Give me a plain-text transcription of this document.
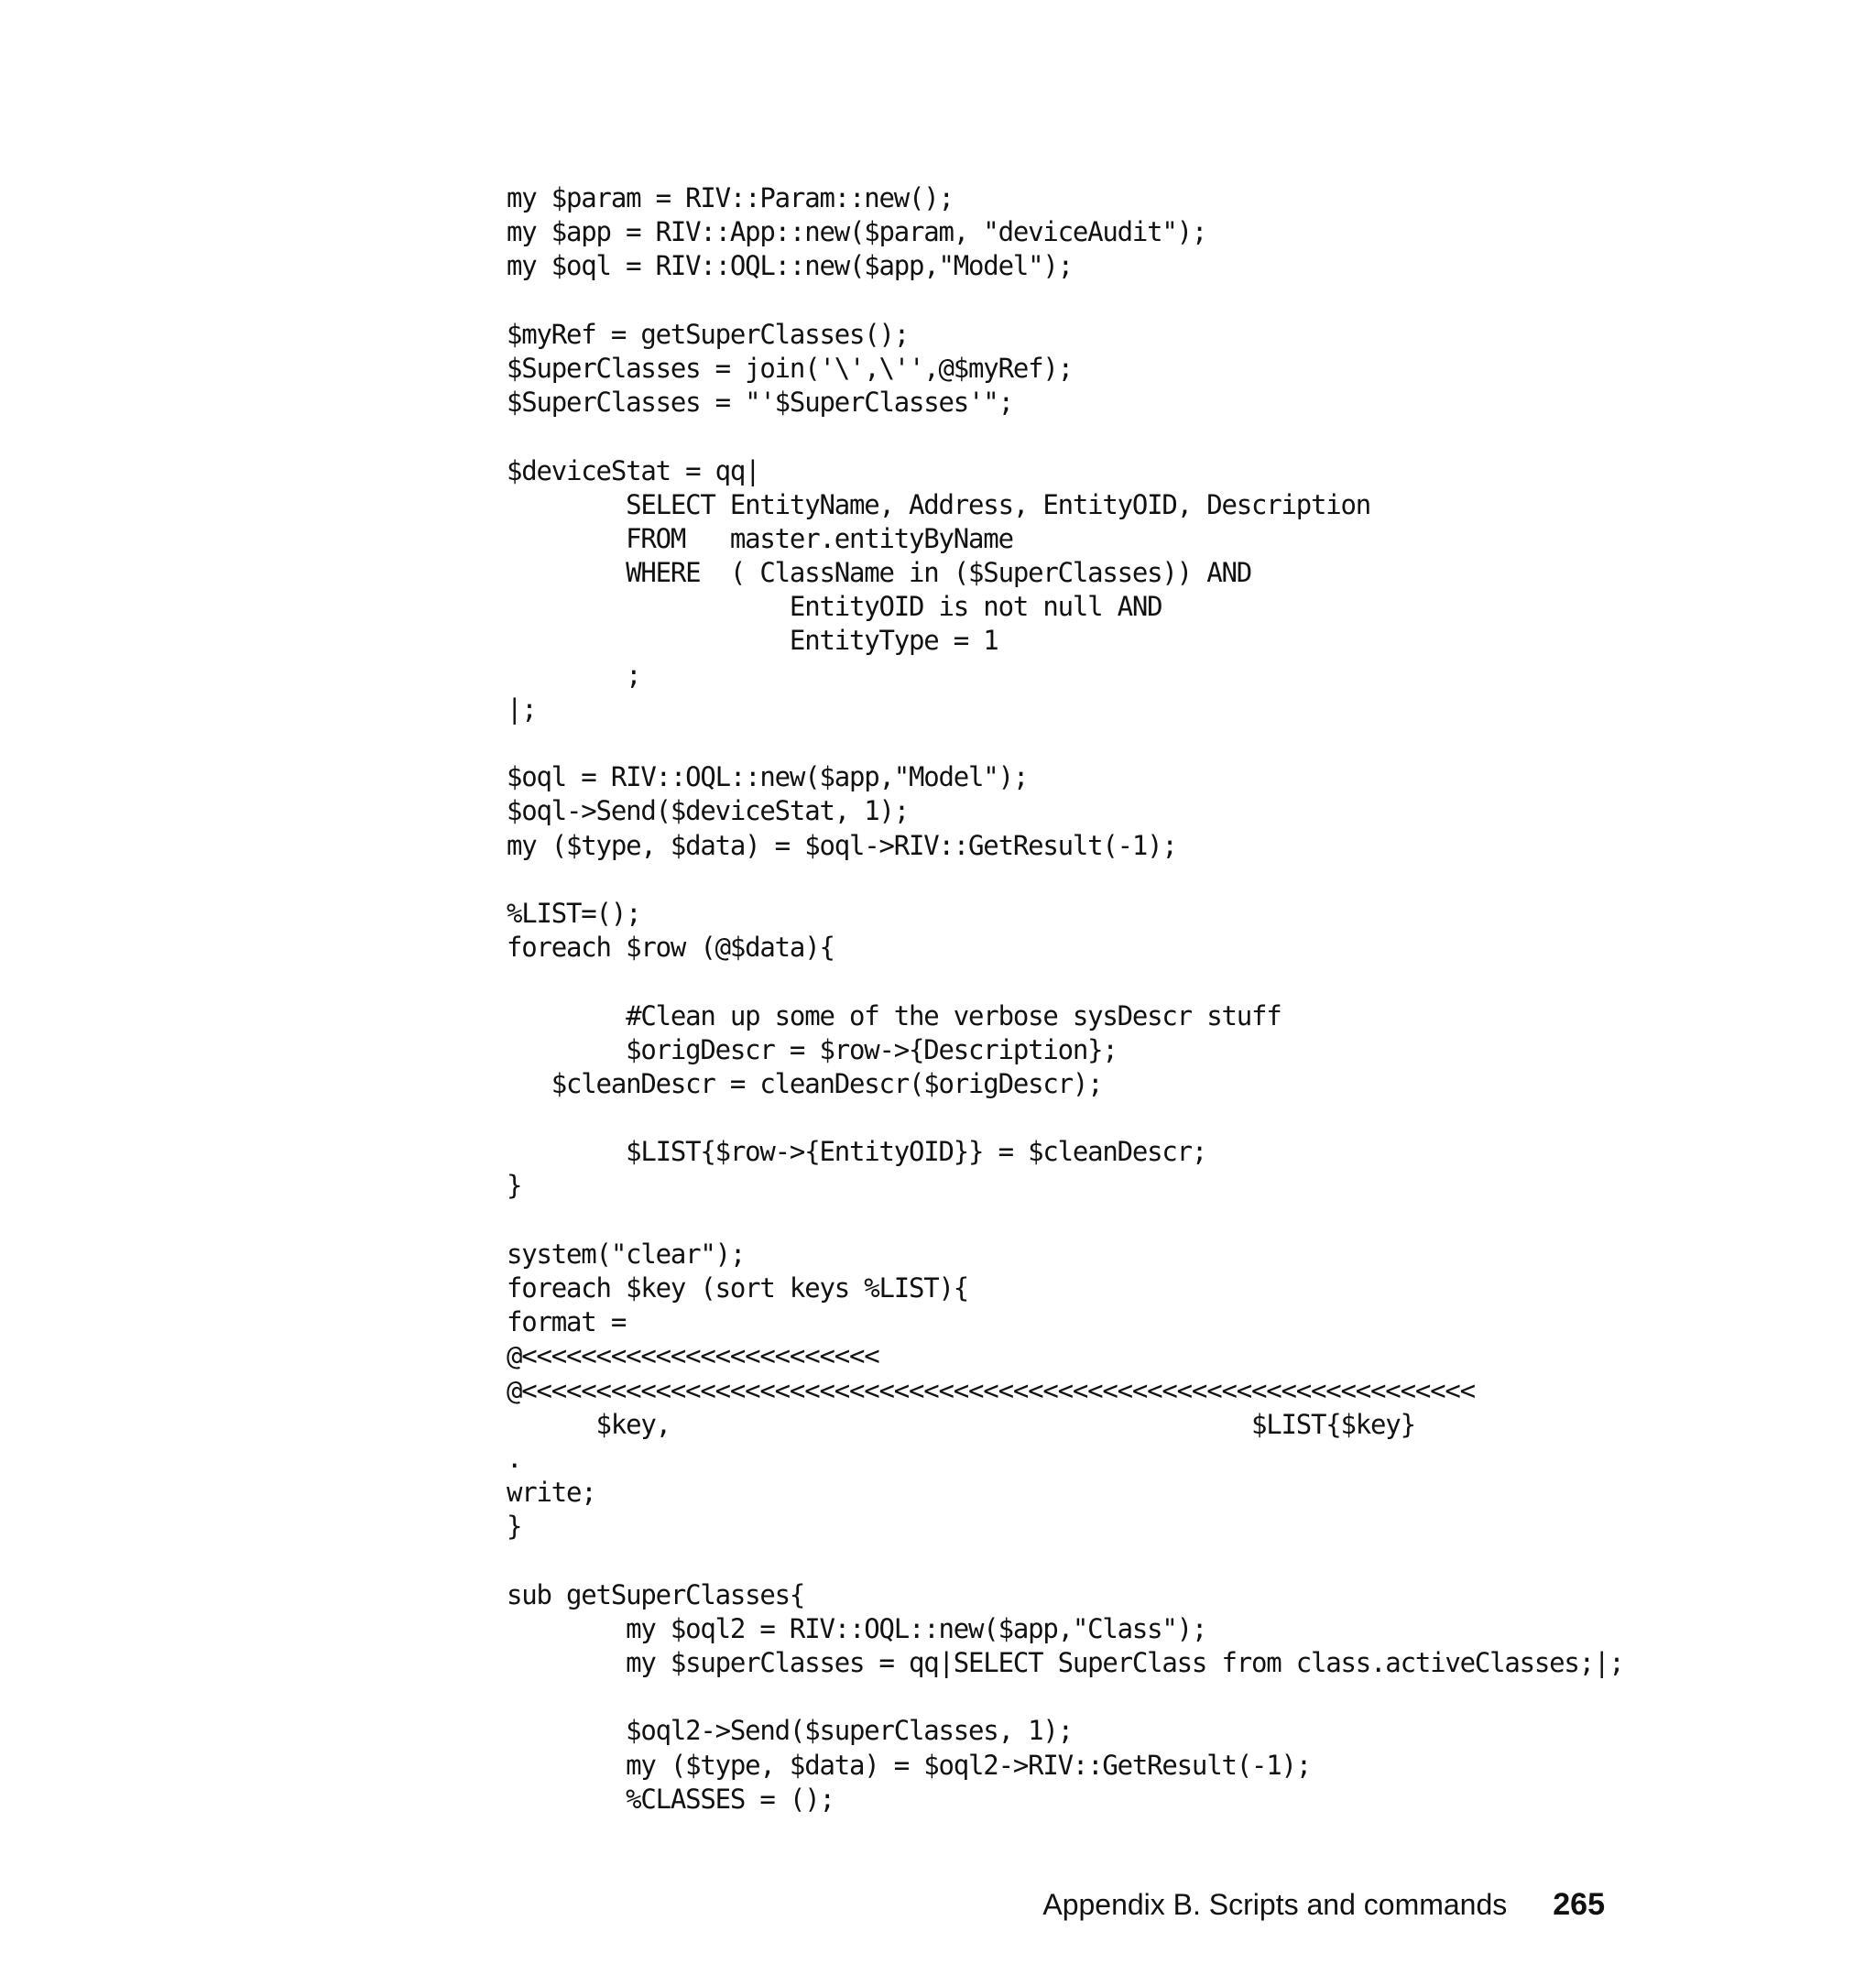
my $param = RIV::Param::new();
my $app = RIV::App::new($param, "deviceAudit");
my $oql = RIV::OQL::new($app,"Model");
$myRef = getSuperClasses();
$SuperClasses = join('\',\'',@$myRef);
$SuperClasses = "'$SuperClasses'";
$deviceStat = qq|
SELECT EntityName, Address, EntityOID, Description
FROM   master.entityByName
WHERE  ( ClassName in ($SuperClasses)) AND
EntityOID is not null AND
EntityType = 1
;
|;
$oql = RIV::OQL::new($app,"Model");
$oql->Send($deviceStat, 1);
my ($type, $data) = $oql->RIV::GetResult(-1);
%LIST=();
foreach $row (@$data){
#Clean up some of the verbose sysDescr stuff
$origDescr = $row->{Description};
$cleanDescr = cleanDescr($origDescr);
$LIST{$row->{EntityOID}} = $cleanDescr;
}
system("clear");
foreach $key (sort keys %LIST){
format =
@<<<<<<<<<<<<<<<<<<<<<<<<
@<<<<<<<<<<<<<<<<<<<<<<<<<<<<<<<<<<<<<<<<<<<<<<<<<<<<<<<<<<<<<<<<
$key,                                       $LIST{$key}
.
write;
}
sub getSuperClasses{
my $oql2 = RIV::OQL::new($app,"Class");
my $superClasses = qq|SELECT SuperClass from class.activeClasses;|;
$oql2->Send($superClasses, 1);
my ($type, $data) = $oql2->RIV::GetResult(-1);
%CLASSES = ();
Appendix B. Scripts and commands 265
